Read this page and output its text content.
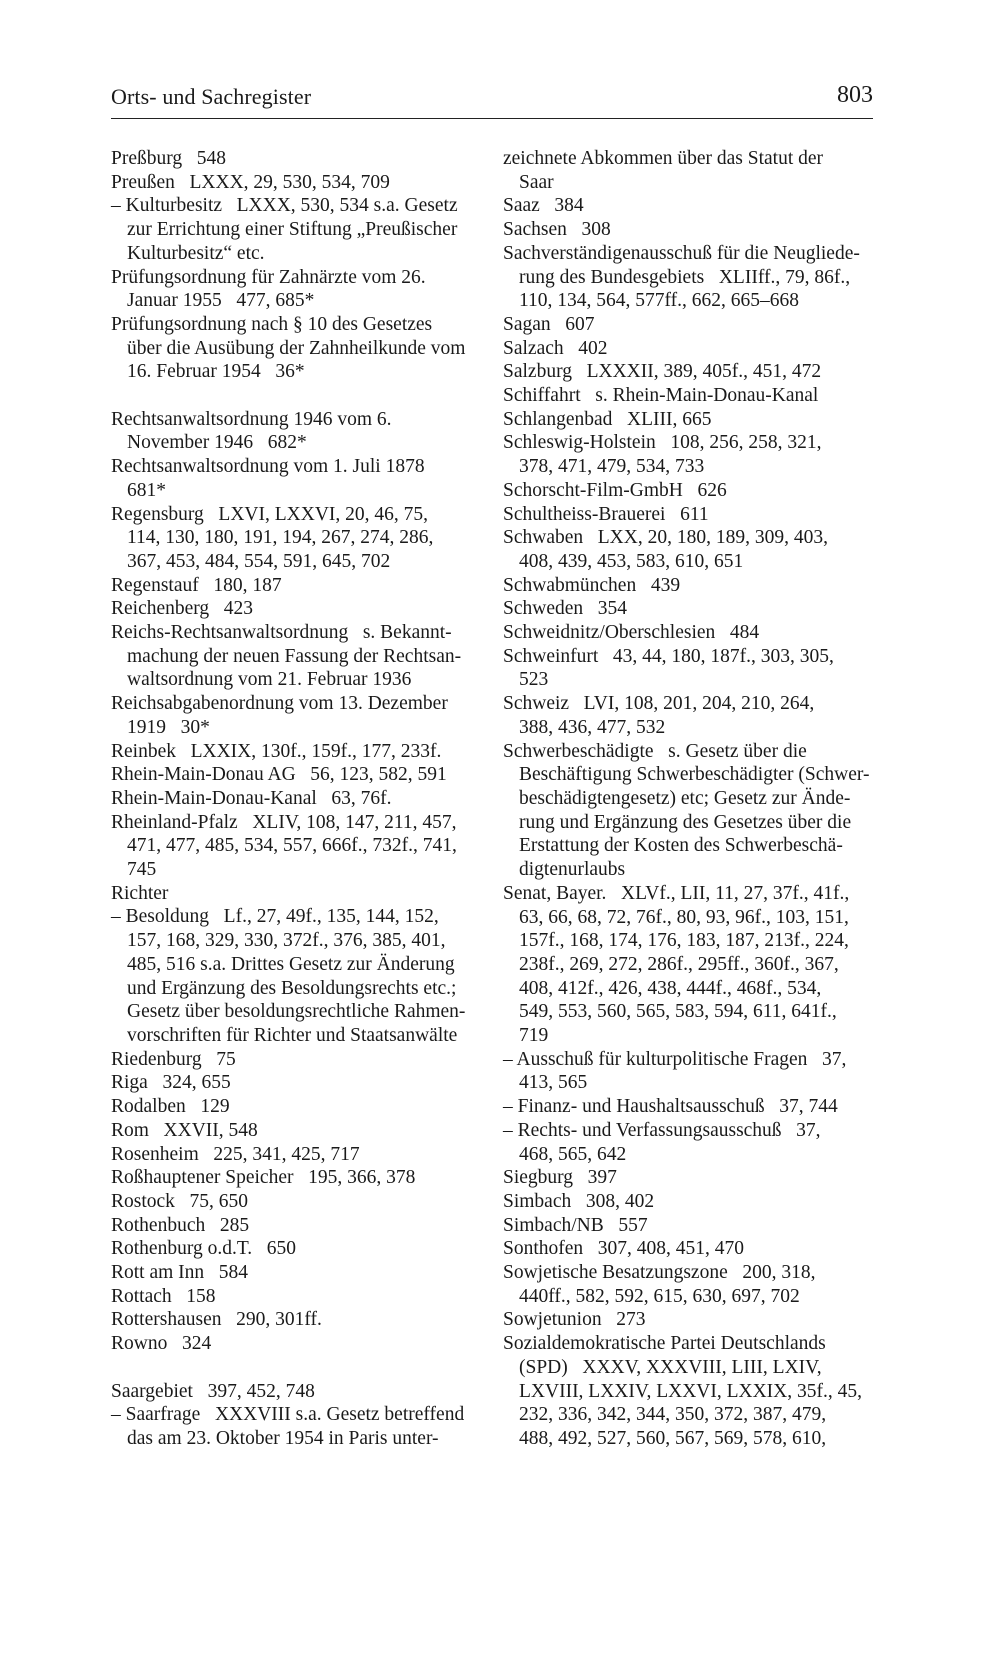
Orts- und Sachregister	803
Preßburg   548
Preußen   LXXX, 29, 530, 534, 709
– Kulturbesitz   LXXX, 530, 534 s.a. Gesetz
zur Errichtung einer Stiftung „Preußischer
Kulturbesitz“ etc.
Prüfungsordnung für Zahnärzte vom 26.
Januar 1955   477, 685*
Prüfungsordnung nach § 10 des Gesetzes
über die Ausübung der Zahnheilkunde vom
16. Februar 1954   36*
Rechtsanwaltsordnung 1946 vom 6.
November 1946   682*
Rechtsanwaltsordnung vom 1. Juli 1878
681*
Regensburg   LXVI, LXXVI, 20, 46, 75,
114, 130, 180, 191, 194, 267, 274, 286,
367, 453, 484, 554, 591, 645, 702
Regenstauf   180, 187
Reichenberg   423
Reichs-Rechtsanwaltsordnung   s. Bekannt-
machung der neuen Fassung der Rechtsan-
waltsordnung vom 21. Februar 1936
Reichsabgabenordnung vom 13. Dezember
1919   30*
Reinbek   LXXIX, 130f., 159f., 177, 233f.
Rhein-Main-Donau AG   56, 123, 582, 591
Rhein-Main-Donau-Kanal   63, 76f.
Rheinland-Pfalz   XLIV, 108, 147, 211, 457,
471, 477, 485, 534, 557, 666f., 732f., 741,
745
Richter
– Besoldung   Lf., 27, 49f., 135, 144, 152,
157, 168, 329, 330, 372f., 376, 385, 401,
485, 516 s.a. Drittes Gesetz zur Änderung
und Ergänzung des Besoldungsrechts etc.;
Gesetz über besoldungsrechtliche Rahmen-
vorschriften für Richter und Staatsanwälte
Riedenburg   75
Riga   324, 655
Rodalben   129
Rom   XXVII, 548
Rosenheim   225, 341, 425, 717
Roßhauptener Speicher   195, 366, 378
Rostock   75, 650
Rothenbuch   285
Rothenburg o.d.T.   650
Rott am Inn   584
Rottach   158
Rottershausen   290, 301ff.
Rowno   324
Saargebiet   397, 452, 748
– Saarfrage   XXXVIII s.a. Gesetz betreffend
das am 23. Oktober 1954 in Paris unter-
zeichnete Abkommen über das Statut der
Saar
Saaz   384
Sachsen   308
Sachverständigenausschuß für die Neugliede-
rung des Bundesgebiets   XLIIff., 79, 86f.,
110, 134, 564, 577ff., 662, 665–668
Sagan   607
Salzach   402
Salzburg   LXXXII, 389, 405f., 451, 472
Schiffahrt   s. Rhein-Main-Donau-Kanal
Schlangenbad   XLIII, 665
Schleswig-Holstein   108, 256, 258, 321,
378, 471, 479, 534, 733
Schorscht-Film-GmbH   626
Schultheiss-Brauerei   611
Schwaben   LXX, 20, 180, 189, 309, 403,
408, 439, 453, 583, 610, 651
Schwabmünchen   439
Schweden   354
Schweidnitz/Oberschlesien   484
Schweinfurt   43, 44, 180, 187f., 303, 305,
523
Schweiz   LVI, 108, 201, 204, 210, 264,
388, 436, 477, 532
Schwerbeschädigte   s. Gesetz über die
Beschäftigung Schwerbeschädigter (Schwer-
beschädigtengesetz) etc; Gesetz zur Ände-
rung und Ergänzung des Gesetzes über die
Erstattung der Kosten des Schwerbeschä-
digtenurlaubs
Senat, Bayer.   XLVf., LII, 11, 27, 37f., 41f.,
63, 66, 68, 72, 76f., 80, 93, 96f., 103, 151,
157f., 168, 174, 176, 183, 187, 213f., 224,
238f., 269, 272, 286f., 295ff., 360f., 367,
408, 412f., 426, 438, 444f., 468f., 534,
549, 553, 560, 565, 583, 594, 611, 641f.,
719
– Ausschuß für kulturpolitische Fragen   37,
413, 565
– Finanz- und Haushaltsausschuß   37, 744
– Rechts- und Verfassungsausschuß   37,
468, 565, 642
Siegburg   397
Simbach   308, 402
Simbach/NB   557
Sonthofen   307, 408, 451, 470
Sowjetische Besatzungszone   200, 318,
440ff., 582, 592, 615, 630, 697, 702
Sowjetunion   273
Sozialdemokratische Partei Deutschlands
(SPD)   XXXV, XXXVIII, LIII, LXIV,
LXVIII, LXXIV, LXXVI, LXXIX, 35f., 45,
232, 336, 342, 344, 350, 372, 387, 479,
488, 492, 527, 560, 567, 569, 578, 610,
